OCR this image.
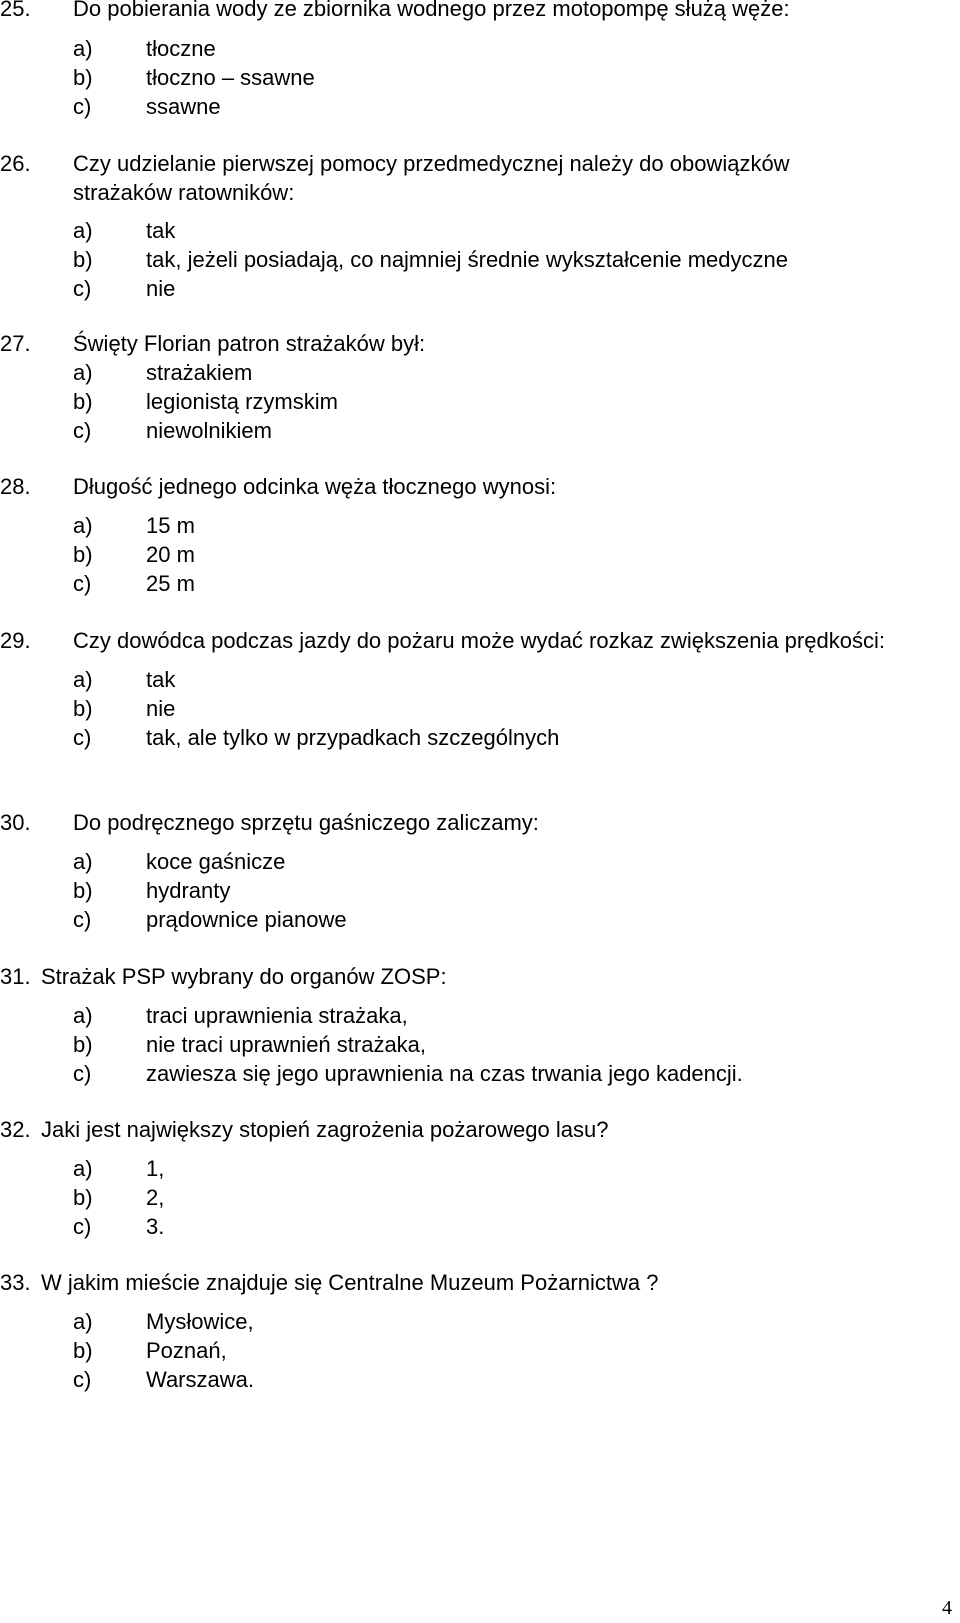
25. Do pobierania wody ze zbiornika wodnego przez motopompę służą węże:
a) tłoczne
b) tłoczno – ssawne
c) ssawne
26. Czy udzielanie pierwszej pomocy przedmedycznej należy do obowiązków strażaków ratowników:
a) tak
b) tak, jeżeli posiadają, co najmniej średnie wykształcenie medyczne
c) nie
27. Święty Florian patron strażaków był:
a) strażakiem
b) legionistą rzymskim
c) niewolnikiem
28. Długość jednego odcinka węża tłocznego wynosi:
a) 15 m
b) 20 m
c) 25 m
29. Czy dowódca podczas jazdy do pożaru może wydać rozkaz zwiększenia prędkości:
a) tak
b) nie
c) tak, ale tylko w przypadkach szczególnych
30. Do podręcznego sprzętu gaśniczego zaliczamy:
a) koce gaśnicze
b) hydranty
c) prądownice pianowe
31. Strażak PSP wybrany do organów ZOSP:
a) traci uprawnienia strażaka,
b) nie traci uprawnień strażaka,
c) zawiesza się jego uprawnienia na czas trwania jego kadencji.
32. Jaki jest największy stopień zagrożenia pożarowego lasu?
a) 1,
b) 2,
c) 3.
33. W jakim mieście znajduje się Centralne Muzeum Pożarnictwa ?
a) Mysłowice,
b) Poznań,
c) Warszawa.
4
